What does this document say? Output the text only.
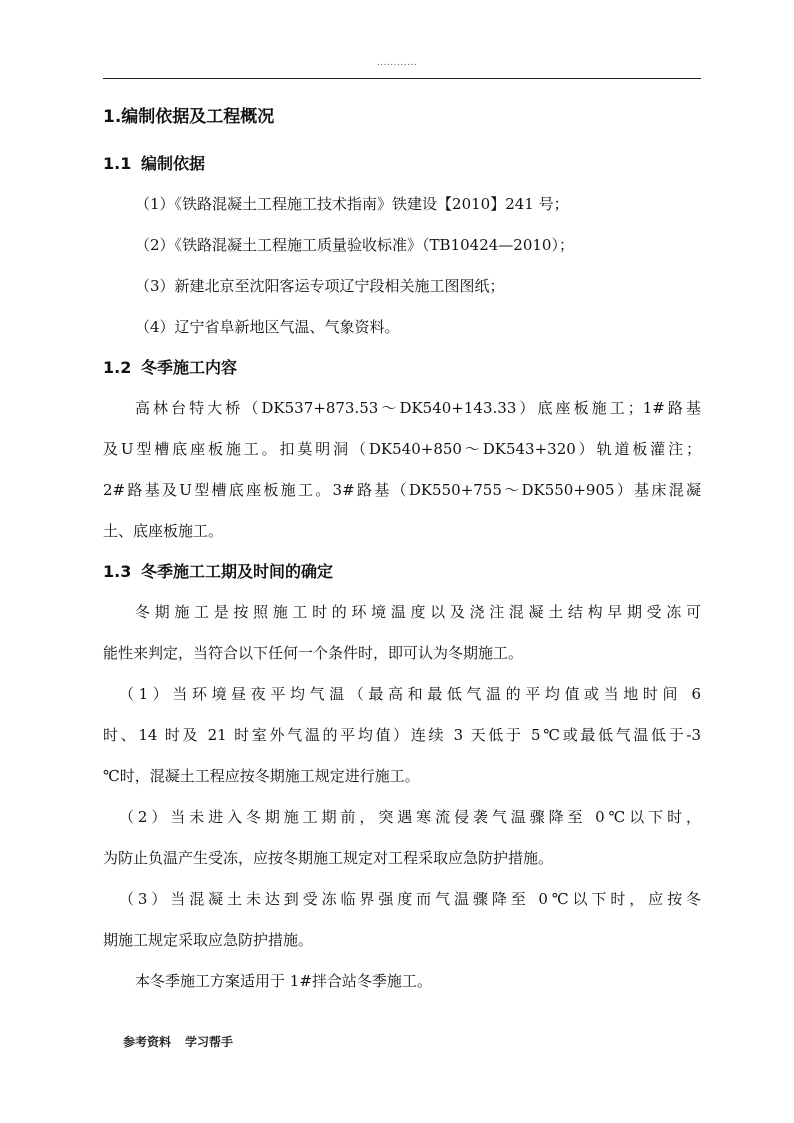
............
1.编制依据及工程概况
1.1 编制依据
（1）《铁路混凝土工程施工技术指南》铁建设【2010】241 号；
（2）《铁路混凝土工程施工质量验收标准》（TB10424—2010）；
（3）新建北京至沈阳客运专项辽宁段相关施工图图纸；
（4）辽宁省阜新地区气温、气象资料。
1.2 冬季施工内容
高林台特大桥（DK537+873.53～DK540+143.33）底座板施工；1#路基
及U型槽底座板施工。扣莫明洞（DK540+850～DK543+320）轨道板灌注；
2#路基及U型槽底座板施工。3#路基（DK550+755～DK550+905）基床混凝
土、底座板施工。
1.3 冬季施工工期及时间的确定
冬期施工是按照施工时的环境温度以及浇注混凝土结构早期受冻可
能性来判定，当符合以下任何一个条件时，即可认为冬期施工。
（1）当环境昼夜平均气温（最高和最低气温的平均值或当地时间 6
时、14 时及 21 时室外气温的平均值）连续 3 天低于 5℃或最低气温低于-3
℃时，混凝土工程应按冬期施工规定进行施工。
（2）当未进入冬期施工期前，突遇寒流侵袭气温骤降至 0℃以下时，
为防止负温产生受冻，应按冬期施工规定对工程采取应急防护措施。
（3）当混凝土未达到受冻临界强度而气温骤降至 0℃以下时，应按冬
期施工规定采取应急防护措施。
本冬季施工方案适用于 1#拌合站冬季施工。
参考资料 学习帮手
